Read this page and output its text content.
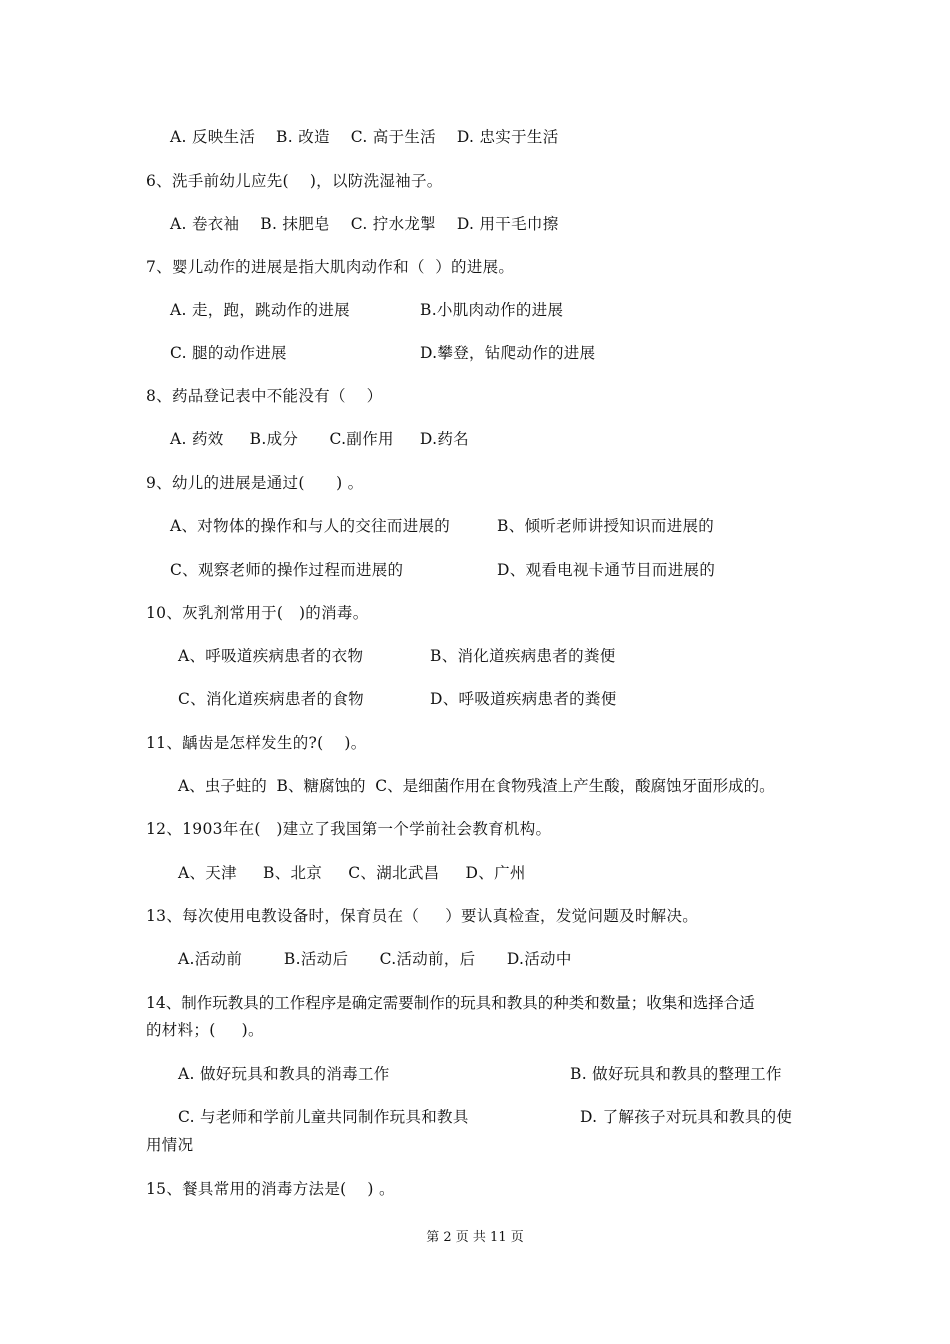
A. 反映生活    B. 改造    C. 高于生活    D. 忠实于生活
6、洗手前幼儿应先(    )，以防洗湿袖子。
A. 卷衣袖    B. 抹肥皂    C. 拧水龙掣    D. 用干毛巾擦
7、婴儿动作的进展是指大肌肉动作和（  ）的进展。
A. 走，跑，跳动作的进展	B.小肌肉动作的进展
C. 腿的动作进展	D.攀登，钻爬动作的进展
8、药品登记表中不能没有（    ）
A. 药效     B.成分      C.副作用     D.药名
9、幼儿的进展是通过(      ) 。
A、对物体的操作和与人的交往而进展的	B、倾听老师讲授知识而进展的
C、观察老师的操作过程而进展的	D、观看电视卡通节目而进展的
10、灰乳剂常用于(   )的消毒。
A、呼吸道疾病患者的衣物	B、消化道疾病患者的粪便
C、消化道疾病患者的食物	D、呼吸道疾病患者的粪便
11、龋齿是怎样发生的?(    )。
A、虫子蛀的  B、糖腐蚀的  C、是细菌作用在食物残渣上产生酸，酸腐蚀牙面形成的。
12、1903年在(   )建立了我国第一个学前社会教育机构。
A、天津     B、北京     C、湖北武昌     D、广州
13、每次使用电教设备时，保育员在（     ）要认真检查，发觉问题及时解决。
A.活动前        B.活动后      C.活动前，后      D.活动中
14、制作玩教具的工作程序是确定需要制作的玩具和教具的种类和数量；收集和选择合适
的材料；(     )。
A. 做好玩具和教具的消毒工作	B. 做好玩具和教具的整理工作
C. 与老师和学前儿童共同制作玩具和教具	D. 了解孩子对玩具和教具的使
用情况
15、餐具常用的消毒方法是(    ) 。
第 2 页 共 11 页
